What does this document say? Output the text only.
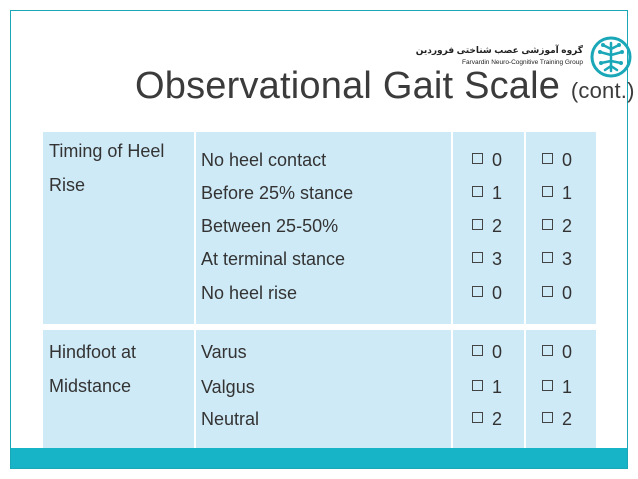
گروه آموزشی عصب شناختی فروردین
Farvardin Neuro-Cognitive Training Group
Observational Gait Scale (cont.)
Timing of Heel Rise
No heel contact	0	0
Before 25% stance	1	1
Between 25-50%	2	2
At terminal stance	3	3
No heel rise	0	0
Hindfoot at Midstance
Varus	0	0
Valgus	1	1
Neutral	2	2
